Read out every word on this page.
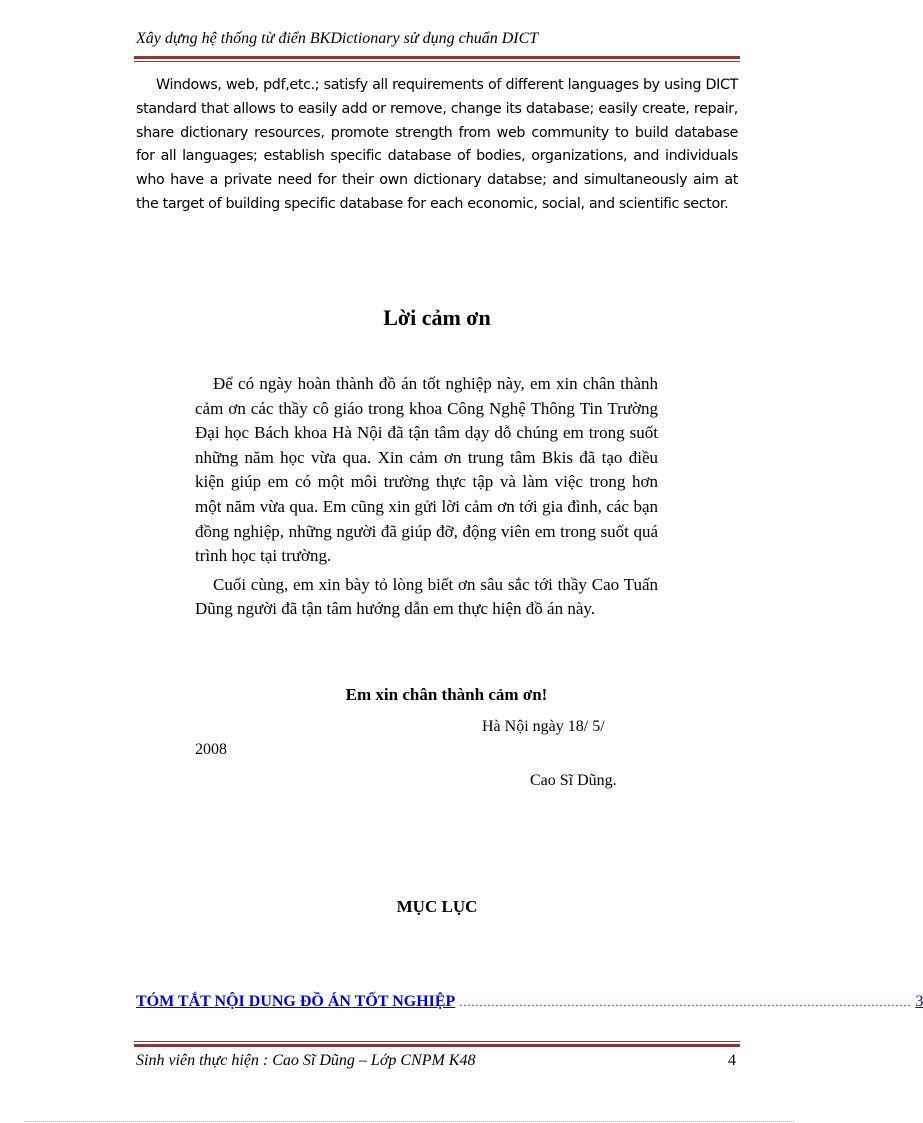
Xây dựng hệ thống từ điển BKDictionary sử dụng chuẩn DICT

Windows, web, pdf,etc.; satisfy all requirements of different languages by using DICT standard that allows to easily add or remove, change its database; easily create, repair, share dictionary resources, promote strength from web community to build database for all languages; establish specific database of bodies, organizations, and individuals who have a private need for their own dictionary databse; and simultaneously aim at the target of building specific database for each economic, social, and scientific sector.

Lời cảm ơn

Để có ngày hoàn thành đồ án tốt nghiệp này, em xin chân thành cảm ơn các thầy cô giáo trong khoa Công Nghệ Thông Tin Trường Đại học Bách khoa Hà Nội đã tận tâm dạy dỗ chúng em trong suốt những năm học vừa qua. Xin cảm ơn trung tâm Bkis đã tạo điều kiện giúp em có một môi trường thực tập và làm việc trong hơn một năm vừa qua. Em cũng xin gửi lời cảm ơn tới gia đình, các bạn đồng nghiệp, những người đã giúp đỡ, động viên em trong suốt quá trình học tại trường.

Cuối cùng, em xin bày tỏ lòng biết ơn sâu sắc tới thầy Cao Tuấn Dũng người đã tận tâm hướng dẫn em thực hiện đồ án này.

Em xin chân thành cảm ơn!
Hà Nội ngày 18/ 5/
2008
Cao Sĩ Dũng.
MỤC LỤC
TÓM TẮT NỘI DUNG ĐỒ ÁN TỐT NGHIỆP ................................................................................................................. 3
Sinh viên thực hiện : Cao Sĩ Dũng – Lớp CNPM K48	4
